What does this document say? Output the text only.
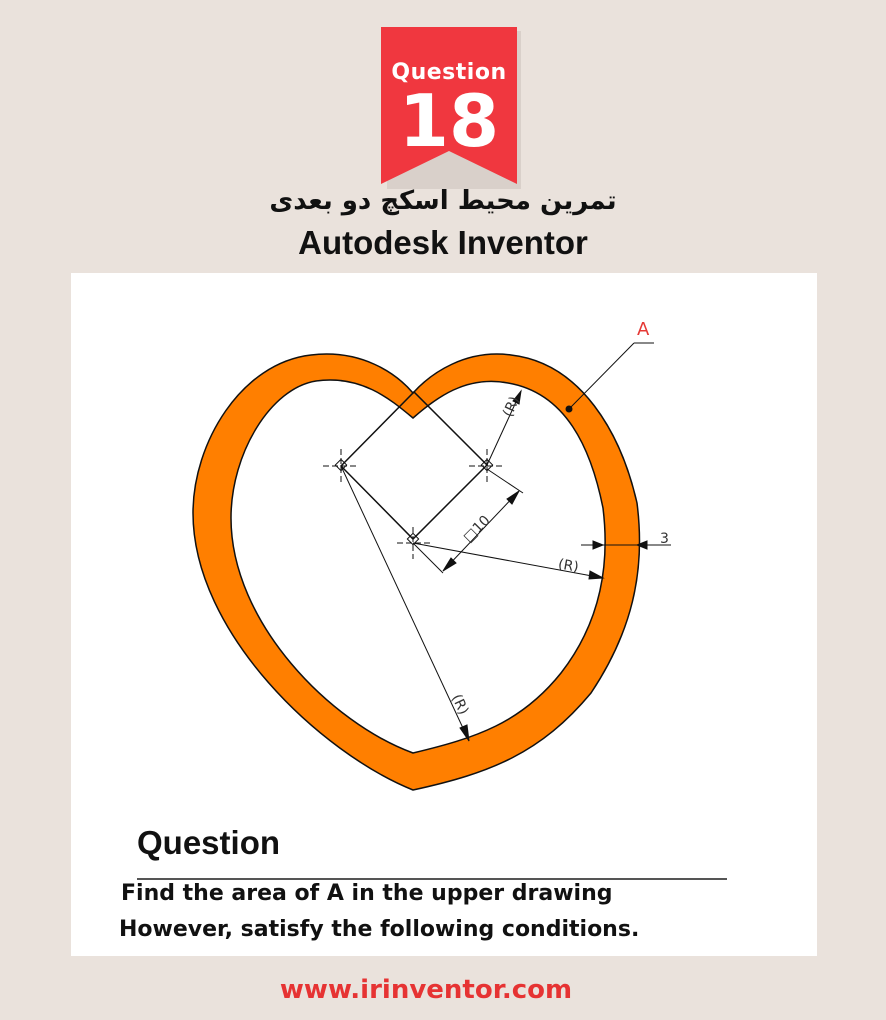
Question
18
تمرین محیط اسکچ دو بعدی
Autodesk Inventor
(R)
□10
(R)
(R)
3
A
Question
Find the area of A in the upper drawing
However, satisfy the following conditions.
www.irinventor.com
